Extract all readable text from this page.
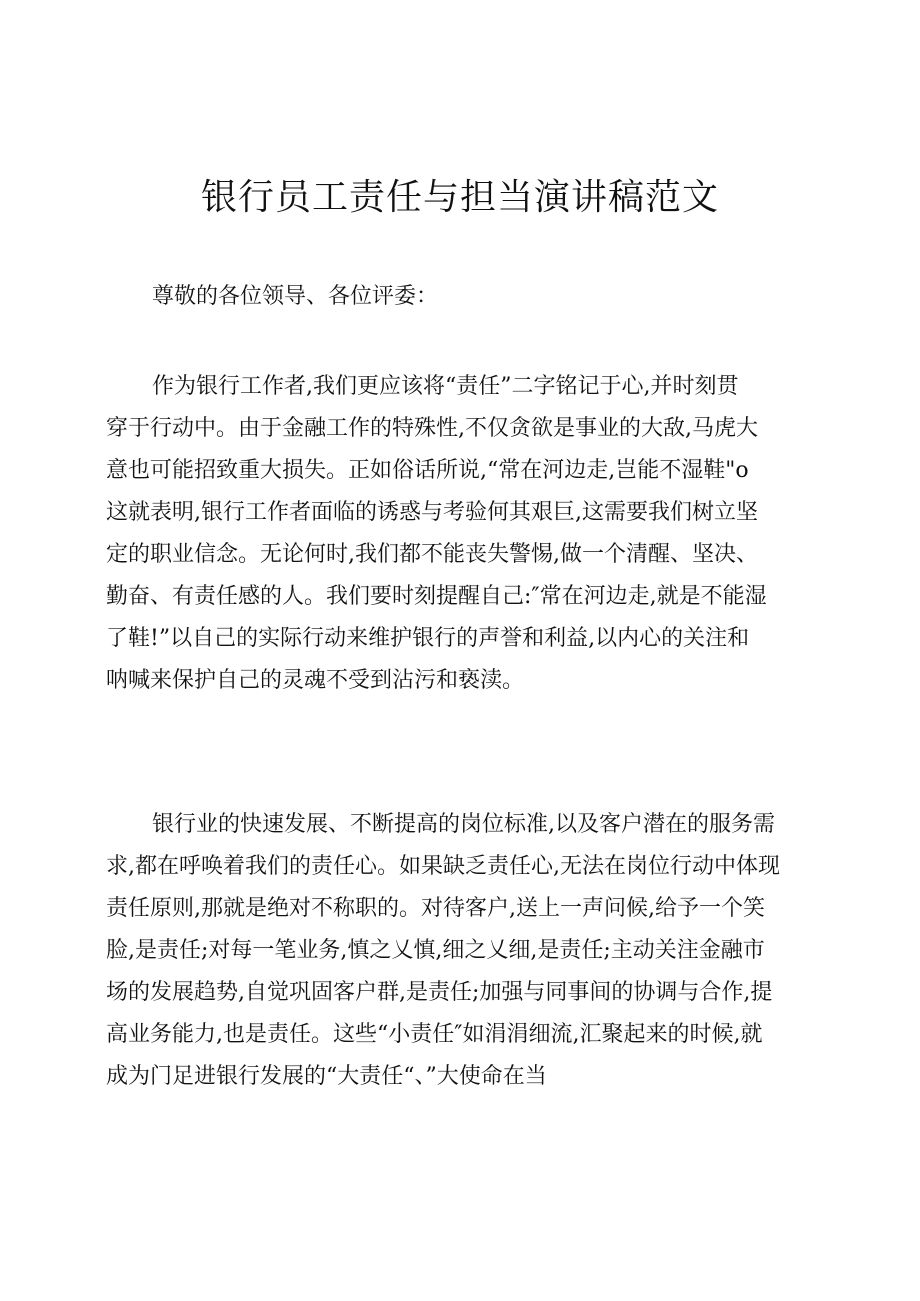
银行员工责任与担当演讲稿范文
尊敬的各位领导、各位评委：
作为银行工作者,我们更应该将“责任”二字铭记于心,并时刻贯
穿于行动中。由于金融工作的特殊性,不仅贪欲是事业的大敌,马虎大
意也可能招致重大损失。正如俗话所说,“常在河边走,岂能不湿鞋"o
这就表明,银行工作者面临的诱惑与考验何其艰巨,这需要我们树立坚
定的职业信念。无论何时,我们都不能丧失警惕,做一个清醒、坚决、
勤奋、有责任感的人。我们要时刻提醒自己:″常在河边走,就是不能湿
了鞋!”以自己的实际行动来维护银行的声誉和利益,以内心的关注和
呐喊来保护自己的灵魂不受到沾污和亵渎。
银行业的快速发展、不断提高的岗位标准,以及客户潜在的服务需
求,都在呼唤着我们的责任心。如果缺乏责任心,无法在岗位行动中体现
责任原则,那就是绝对不称职的。对待客户,送上一声问候,给予一个笑
脸,是责任;对每一笔业务,慎之乂慎,细之乂细,是责任;主动关注金融市
场的发展趋势,自觉巩固客户群,是责任;加强与同事间的协调与合作,提
高业务能力,也是责任。这些“小责任″如涓涓细流,汇聚起来的时候,就
成为门足进银行发展的“大责任“、”大使命在当
